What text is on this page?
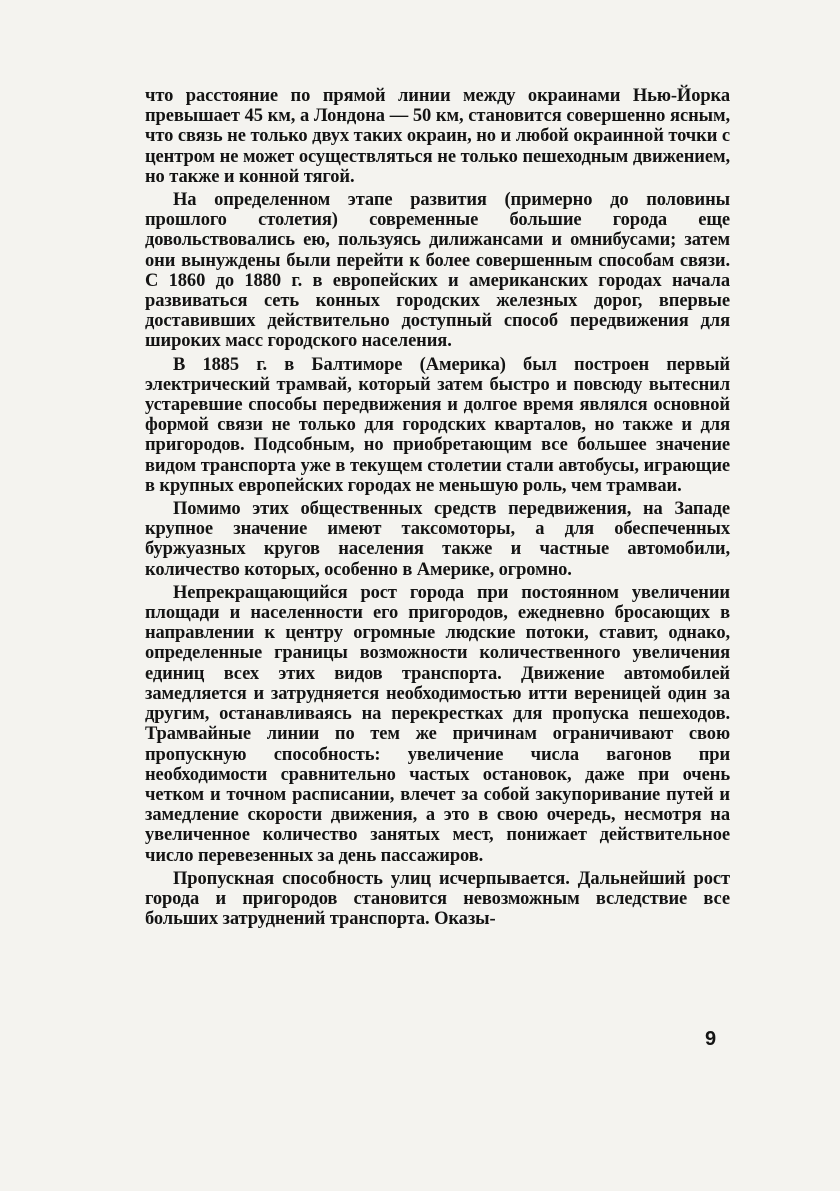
что расстояние по прямой линии между окраинами Нью-Йорка превышает 45 км, а Лондона — 50 км, становится совершенно ясным, что связь не только двух таких окраин, но и любой окраинной точки с центром не может осуществляться не только пешеходным движением, но также и конной тягой.

На определенном этапе развития (примерно до половины прошлого столетия) современные большие города еще довольствовались ею, пользуясь дилижансами и омнибусами; затем они вынуждены были перейти к более совершенным способам связи. С 1860 до 1880 г. в европейских и американских городах начала развиваться сеть конных городских железных дорог, впервые доставивших действительно доступный способ передвижения для широких масс городского населения.

В 1885 г. в Балтиморе (Америка) был построен первый электрический трамвай, который затем быстро и повсюду вытеснил устаревшие способы передвижения и долгое время являлся основной формой связи не только для городских кварталов, но также и для пригородов. Подсобным, но приобретающим все большее значение видом транспорта уже в текущем столетии стали автобусы, играющие в крупных европейских городах не меньшую роль, чем трамваи.

Помимо этих общественных средств передвижения, на Западе крупное значение имеют таксомоторы, а для обеспеченных буржуазных кругов населения также и частные автомобили, количество которых, особенно в Америке, огромно.

Непрекращающийся рост города при постоянном увеличении площади и населенности его пригородов, ежедневно бросающих в направлении к центру огромные людские потоки, ставит, однако, определенные границы возможности количественного увеличения единиц всех этих видов транспорта. Движение автомобилей замедляется и затрудняется необходимостью итти вереницей один за другим, останавливаясь на перекрестках для пропуска пешеходов. Трамвайные линии по тем же причинам ограничивают свою пропускную способность: увеличение числа вагонов при необходимости сравнительно частых остановок, даже при очень четком и точном расписании, влечет за собой закупоривание путей и замедление скорости движения, а это в свою очередь, несмотря на увеличенное количество занятых мест, понижает действительное число перевезенных за день пассажиров.

Пропускная способность улиц исчерпывается. Дальнейший рост города и пригородов становится невозможным вследствие все больших затруднений транспорта. Оказы-

9
